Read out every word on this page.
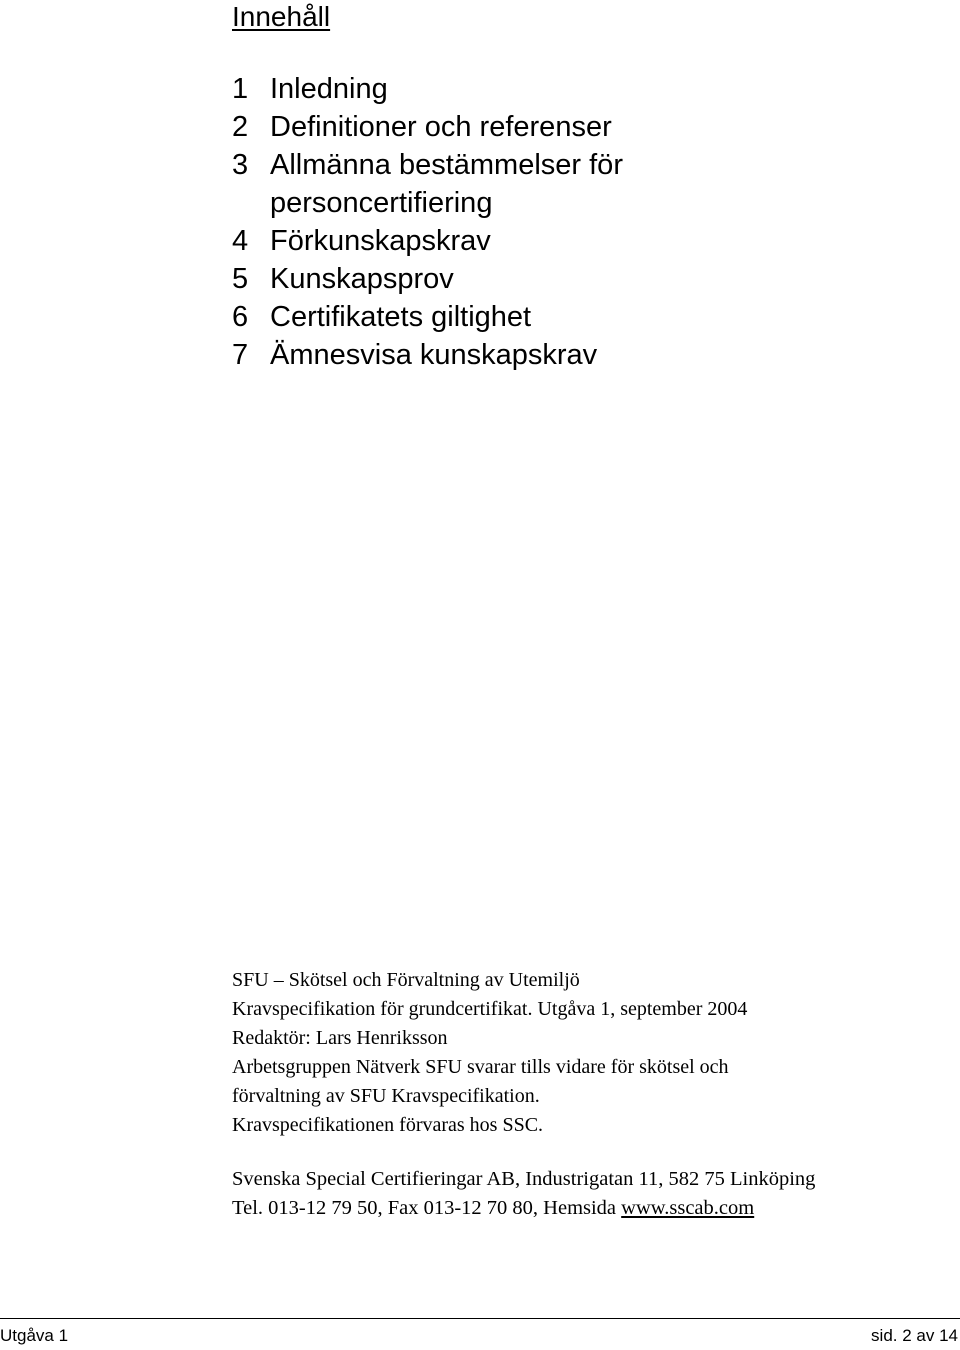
Innehåll
1 Inledning
2 Definitioner och referenser
3 Allmänna bestämmelser för personcertifiering
4 Förkunskapskrav
5 Kunskapsprov
6 Certifikatets giltighet
7 Ämnesvisa kunskapskrav
SFU – Skötsel och Förvaltning av Utemiljö
Kravspecifikation för grundcertifikat. Utgåva 1, september 2004
Redaktör: Lars Henriksson
Arbetsgruppen Nätverk SFU svarar tills vidare för skötsel och
förvaltning av SFU Kravspecifikation.
Kravspecifikationen förvaras hos SSC.
Svenska Special Certifieringar AB, Industrigatan 11, 582 75 Linköping
Tel. 013-12 79 50, Fax 013-12 70 80, Hemsida www.sscab.com
Utgåva 1	sid. 2 av 14
